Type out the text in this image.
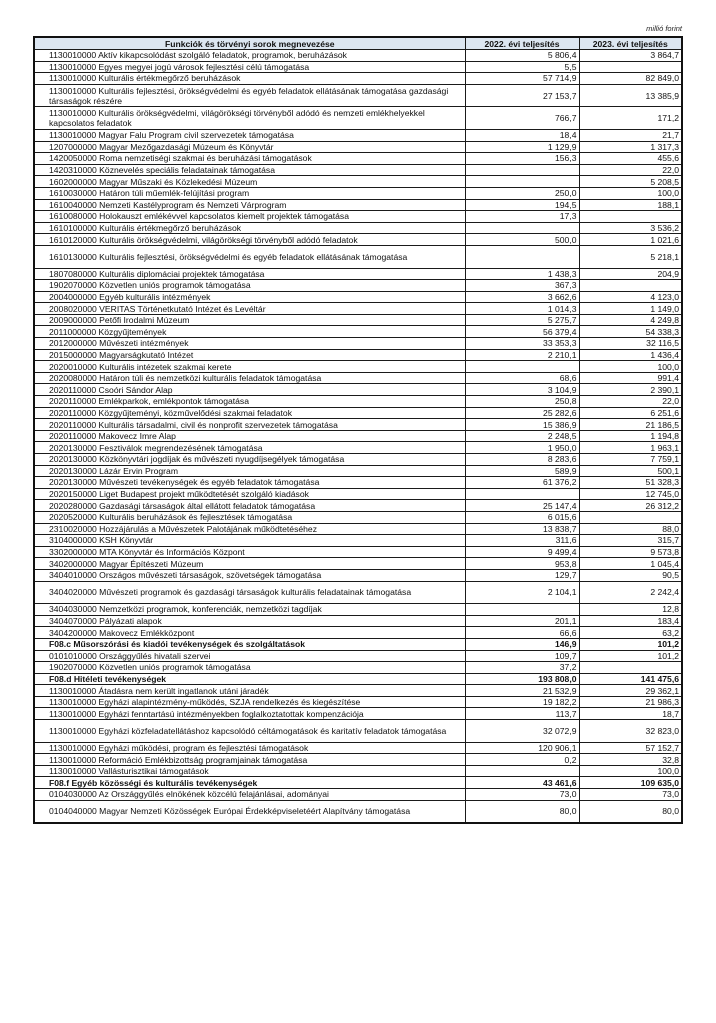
millió forint
Funkciók és törvényi sorok megnevezése	2022. évi teljesítés	2023. évi teljesítés
1130010000 Aktív kikapcsolódást szolgáló feladatok, programok, beruházások	5 806,4	3 864,7
1130010000 Egyes megyei jogú városok fejlesztési célú támogatása	5,5	
1130010000 Kulturális értékmegőrző beruházások	57 714,9	82 849,0
1130010000 Kulturális fejlesztési, örökségvédelmi és egyéb feladatok ellátásának támogatása gazdasági társaságok részére	27 153,7	13 385,9
1130010000 Kulturális örökségvédelmi, világörökségi törvényből adódó és nemzeti emlékhelyekkel kapcsolatos feladatok	766,7	171,2
1130010000 Magyar Falu Program civil szervezetek támogatása	18,4	21,7
1207000000 Magyar Mezőgazdasági Múzeum és Könyvtár	1 129,9	1 317,3
1420050000 Roma nemzetiségi szakmai és beruházási támogatások	156,3	455,6
1420310000 Köznevelés speciális feladatainak támogatása		22,0
1602000000 Magyar Műszaki és Közlekedési Múzeum		5 208,5
1610030000 Határon túli műemlék-felújítási program	250,0	100,0
1610040000 Nemzeti Kastélyprogram és Nemzeti Várprogram	194,5	188,1
1610080000 Holokauszt emlékévvel kapcsolatos kiemelt projektek támogatása	17,3	
1610100000 Kulturális értékmegőrző beruházások		3 536,2
1610120000 Kulturális örökségvédelmi, világörökségi törvényből adódó feladatok	500,0	1 021,6
1610130000 Kulturális fejlesztési, örökségvédelmi és egyéb feladatok ellátásának támogatása		5 218,1
1807080000 Kulturális diplomáciai projektek támogatása	1 438,3	204,9
1902070000 Közvetlen uniós programok támogatása	367,3	
2004000000 Egyéb kulturális intézmények	3 662,6	4 123,0
2008020000 VERITAS Történetkutató Intézet és Levéltár	1 014,3	1 149,0
2009000000 Petőfi Irodalmi Múzeum	5 275,7	4 249,8
2011000000 Közgyűjtemények	56 379,4	54 338,3
2012000000 Művészeti intézmények	33 353,3	32 116,5
2015000000 Magyarságkutató Intézet	2 210,1	1 436,4
2020010000 Kulturális intézetek szakmai kerete		100,0
2020080000 Határon túli és nemzetközi kulturális feladatok támogatása	68,6	991,4
2020110000 Csoóri Sándor Alap	3 104,9	2 390,1
2020110000 Emlékparkok, emlékpontok támogatása	250,8	22,0
2020110000 Közgyűjteményi, közművelődési szakmai feladatok	25 282,6	6 251,6
2020110000 Kulturális társadalmi, civil és nonprofit szervezetek támogatása	15 386,9	21 186,5
2020110000 Makovecz Imre Alap	2 248,5	1 194,8
2020130000 Fesztiválok megrendezésének támogatása	1 950,0	1 963,1
2020130000 Közkönyvtári jogdíjak és művészeti nyugdíjsegélyek támogatása	8 283,6	7 759,1
2020130000 Lázár Ervin Program	589,9	500,1
2020130000 Művészeti tevékenységek és egyéb feladatok támogatása	61 376,2	51 328,3
2020150000 Liget Budapest projekt működtetését szolgáló kiadások		12 745,0
2020280000 Gazdasági társaságok által ellátott feladatok támogatása	25 147,4	26 312,2
2020520000 Kulturális beruházások és fejlesztések támogatása	6 015,6	
2310020000 Hozzájárulás a Művészetek Palotájának működtetéséhez	13 838,7	88,0
3104000000 KSH Könyvtár	311,6	315,7
3302000000 MTA Könyvtár és Információs Központ	9 499,4	9 573,8
3402000000 Magyar Építészeti Múzeum	953,8	1 045,4
3404010000 Országos művészeti társaságok, szövetségek támogatása	129,7	90,5
3404020000 Művészeti programok és gazdasági társaságok kulturális feladatainak támogatása	2 104,1	2 242,4
3404030000 Nemzetközi programok, konferenciák, nemzetközi tagdíjak		12,8
3404070000 Pályázati alapok	201,1	183,4
3404200000 Makovecz Emlékközpont	66,6	63,2
F08.c Műsorszórási és kiadói tevékenységek és szolgáltatások	146,9	101,2
0101010000 Országgyűlés hivatali szervei	109,7	101,2
1902070000 Közvetlen uniós programok támogatása	37,2	
F08.d Hitéleti tevékenységek	193 808,0	141 475,6
1130010000 Átadásra nem került ingatlanok utáni járadék	21 532,9	29 362,1
1130010000 Egyházi alapintézmény-működés, SZJA rendelkezés és kiegészítése	19 182,2	21 986,3
1130010000 Egyházi fenntartású intézményekben foglalkoztatottak kompenzációja	113,7	18,7
1130010000 Egyházi közfeladatellátáshoz kapcsolódó céltámogatások és karitatív feladatok támogatása	32 072,9	32 823,0
1130010000 Egyházi működési, program és fejlesztési támogatások	120 906,1	57 152,7
1130010000 Reformáció Emlékbizottság programjainak támogatása	0,2	32,8
1130010000 Vallásturisztikai támogatások		100,0
F08.f Egyéb közösségi és kulturális tevékenységek	43 461,6	109 635,0
0104030000 Az Országgyűlés elnökének közcélú felajánlásai, adományai	73,0	73,0
0104040000 Magyar Nemzeti Közösségek Európai Érdekképviseletéért Alapítvány támogatása	80,0	80,0
